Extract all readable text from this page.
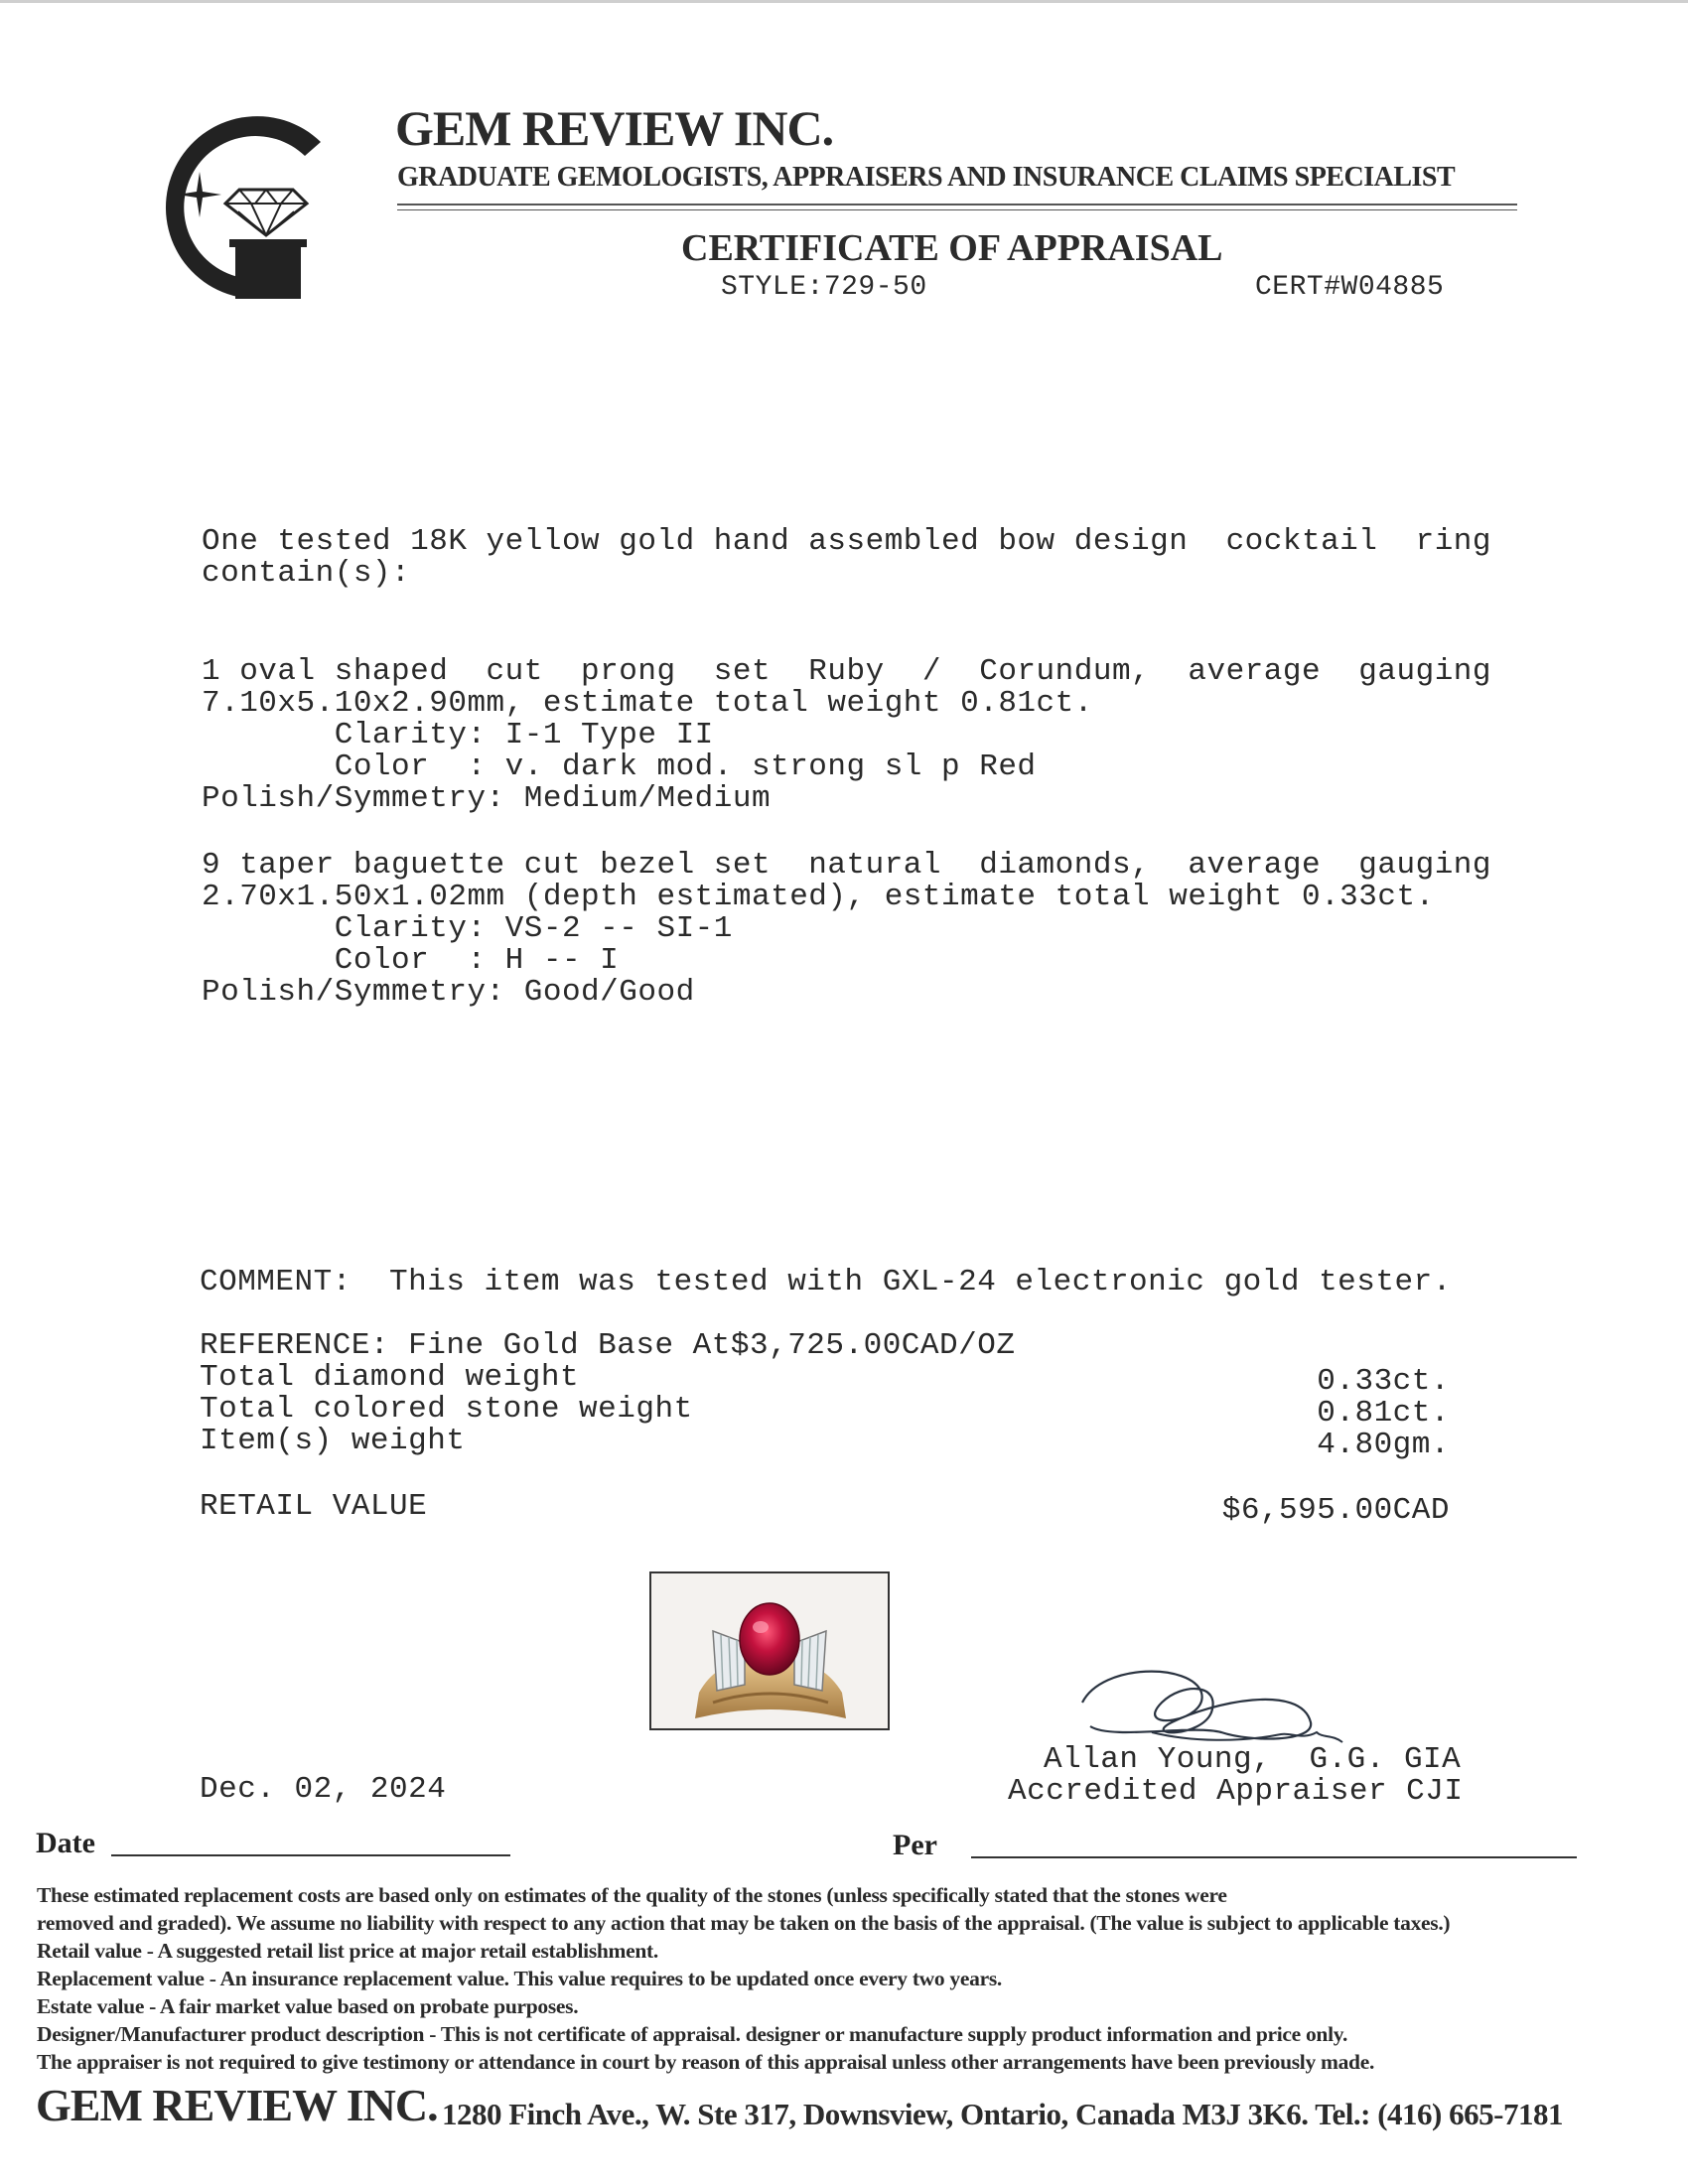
GEM REVIEW INC.
GRADUATE GEMOLOGISTS, APPRAISERS AND INSURANCE CLAIMS SPECIALIST
CERTIFICATE OF APPRAISAL
STYLE:729-50	CERT#W04885
One tested 18K yellow gold hand assembled bow design  cocktail  ring
contain(s):
1 oval shaped  cut  prong  set  Ruby  /  Corundum,  average  gauging
7.10x5.10x2.90mm, estimate total weight 0.81ct.
Clarity: I-1 Type II
Color  : v. dark mod. strong sl p Red
Polish/Symmetry: Medium/Medium
9 taper baguette cut bezel set  natural  diamonds,  average  gauging
2.70x1.50x1.02mm (depth estimated), estimate total weight 0.33ct.
Clarity: VS-2 -- SI-1
Color  : H -- I
Polish/Symmetry: Good/Good
COMMENT:  This item was tested with GXL-24 electronic gold tester.
REFERENCE: Fine Gold Base At$3,725.00CAD/OZ
Total diamond weight	0.33ct.
Total colored stone weight	0.81ct.
Item(s) weight	4.80gm.
RETAIL VALUE	$6,595.00CAD
Allan Young,  G.G. GIA
Accredited Appraiser CJI
Dec. 02, 2024
Date	Per
These estimated replacement costs are based only on estimates of the quality of the stones (unless specifically stated that the stones were
removed and graded). We assume no liability with respect to any action that may be taken on the basis of the appraisal. (The value is subject to applicable taxes.)
Retail value - A suggested retail list price at major retail establishment.
Replacement value - An insurance replacement value. This value requires to be updated once every two years.
Estate value - A fair market value based on probate purposes.
Designer/Manufacturer product description - This is not certificate of appraisal. designer or manufacture supply product information and price only.
The appraiser is not required to give testimony or attendance in court by reason of this appraisal unless other arrangements have been previously made.
GEM REVIEW INC. 1280 Finch Ave., W. Ste 317, Downsview, Ontario, Canada M3J 3K6. Tel.: (416) 665-7181
